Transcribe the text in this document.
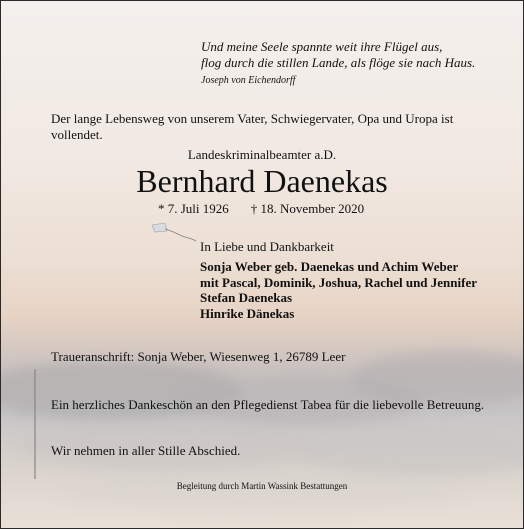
Und meine Seele spannte weit ihre Flügel aus,
flog durch die stillen Lande, als flöge sie nach Haus.
Joseph von Eichendorff
Der lange Lebensweg von unserem Vater, Schwiegervater, Opa und Uropa ist vollendet.
Landeskriminalbeamter a.D.
Bernhard Daenekas
* 7. Juli 1926 † 18. November 2020
In Liebe und Dankbarkeit
Sonja Weber geb. Daenekas und Achim Weber
mit Pascal, Dominik, Joshua, Rachel und Jennifer
Stefan Daenekas
Hinrike Dänekas
Traueranschrift: Sonja Weber, Wiesenweg 1, 26789 Leer
Ein herzliches Dankeschön an den Pflegedienst Tabea für die liebevolle Betreuung.
Wir nehmen in aller Stille Abschied.
Begleitung durch Martin Wassink Bestattungen
